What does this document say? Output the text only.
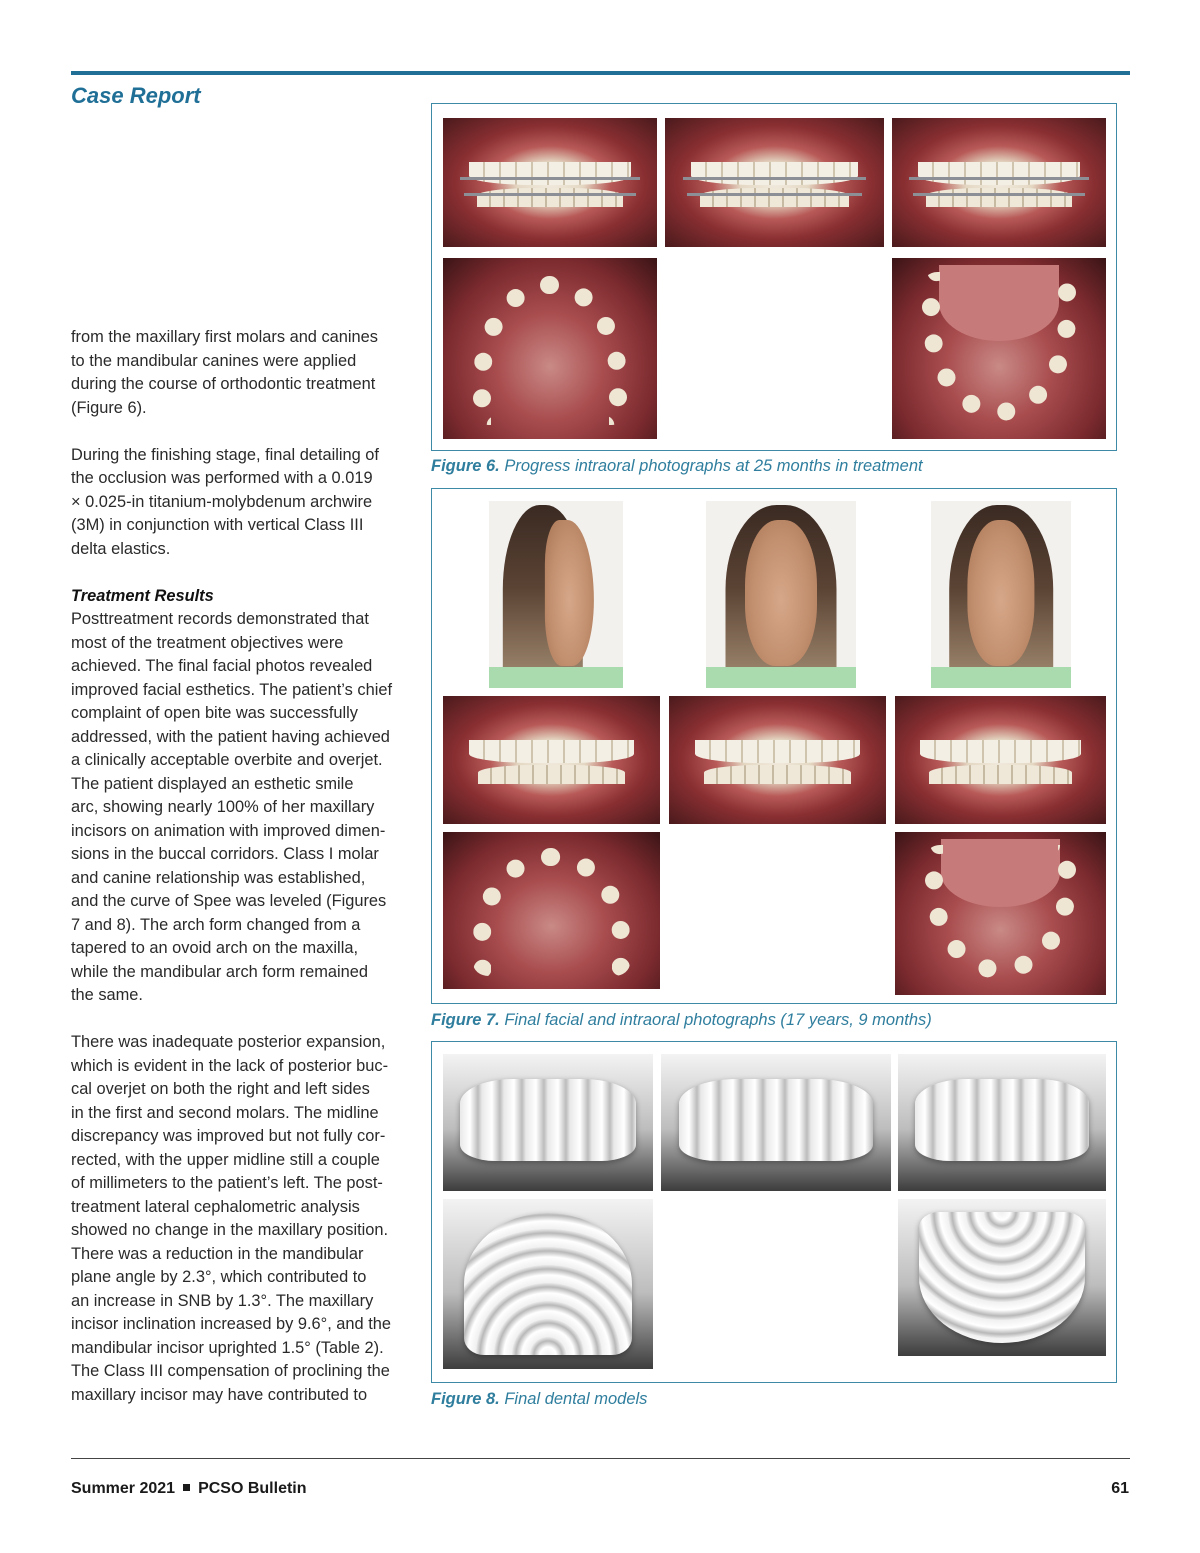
Case Report

from the maxillary first molars and canines
to the mandibular canines were applied
during the course of orthodontic treatment
(Figure 6).

During the finishing stage, final detailing of
the occlusion was performed with a 0.019
× 0.025-in titanium-molybdenum archwire
(3M) in conjunction with vertical Class III
delta elastics.

Treatment Results

Posttreatment records demonstrated that
most of the treatment objectives were
achieved. The final facial photos revealed
improved facial esthetics. The patient’s chief
complaint of open bite was successfully
addressed, with the patient having achieved
a clinically acceptable overbite and overjet.
The patient displayed an esthetic smile
arc, showing nearly 100% of her maxillary
incisors on animation with improved dimen-
sions in the buccal corridors. Class I molar
and canine relationship was established,
and the curve of Spee was leveled (Figures
7 and 8). The arch form changed from a
tapered to an ovoid arch on the maxilla,
while the mandibular arch form remained
the same.

There was inadequate posterior expansion,
which is evident in the lack of posterior buc-
cal overjet on both the right and left sides
in the first and second molars. The midline
discrepancy was improved but not fully cor-
rected, with the upper midline still a couple
of millimeters to the patient’s left. The post-
treatment lateral cephalometric analysis
showed no change in the maxillary position.
There was a reduction in the mandibular
plane angle by 2.3°, which contributed to
an increase in SNB by 1.3°. The maxillary
incisor inclination increased by 9.6°, and the
mandibular incisor uprighted 1.5° (Table 2).
The Class III compensation of proclining the
maxillary incisor may have contributed to

Figure 6. Progress intraoral photographs at 25 months in treatment
Figure 7. Final facial and intraoral photographs (17 years, 9 months)
Figure 8. Final dental models
Summer 2021 PCSO Bulletin	61
